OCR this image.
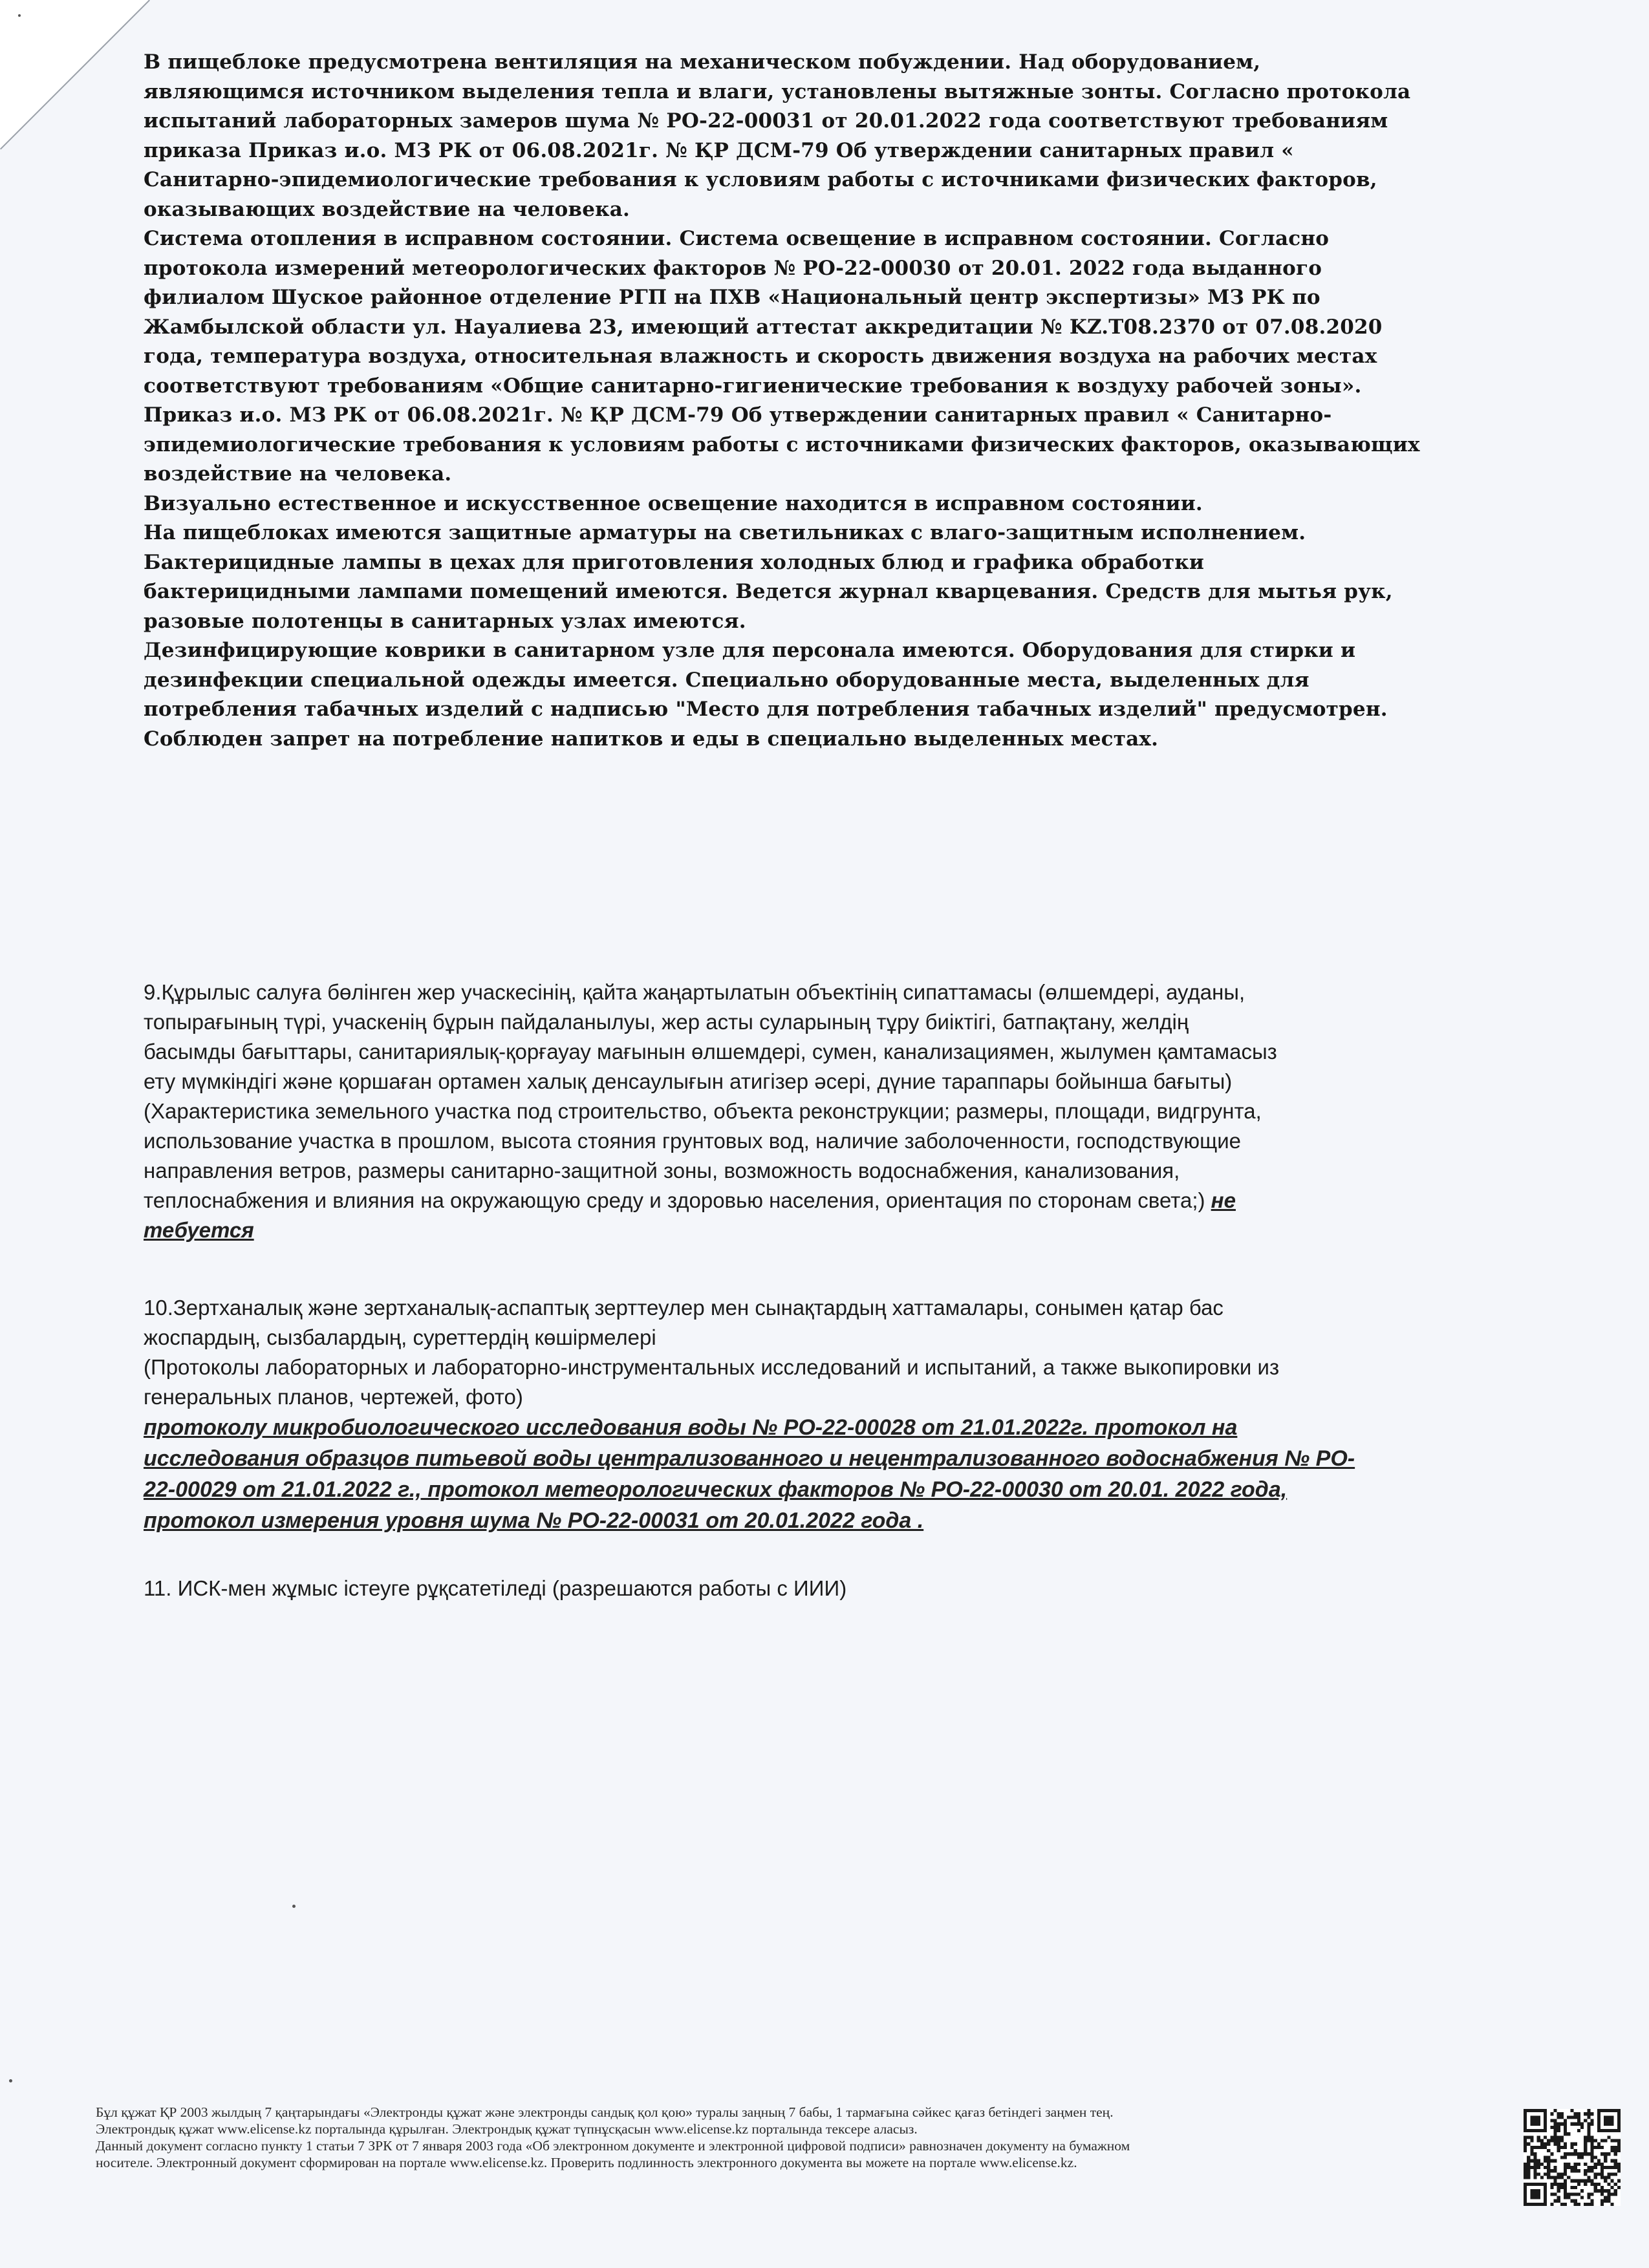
В пищеблоке предусмотрена вентиляция на механическом побуждении. Над оборудованием,

являющимся источником выделения тепла и влаги, установлены вытяжные зонты. Согласно протокола

испытаний лабораторных замеров шума № РО-22-00031 от 20.01.2022 года соответствуют требованиям

приказа Приказ и.о. МЗ РК от 06.08.2021г. № ҚР ДСМ-79 Об утверждении санитарных правил «

Санитарно-эпидемиологические требования к условиям работы с источниками физических факторов,

оказывающих воздействие на человека.

Система отопления в исправном состоянии. Система освещение в исправном состоянии. Согласно

протокола измерений метеорологических факторов № РО-22-00030 от 20.01. 2022 года выданного

филиалом Шуское районное отделение РГП на ПХВ «Национальный центр экспертизы» МЗ РК по

Жамбылской области ул. Науалиева 23, имеющий аттестат аккредитации № KZ.T08.2370 от 07.08.2020

года, температура воздуха, относительная влажность и скорость движения воздуха на рабочих местах

соответствуют требованиям «Общие санитарно-гигиенические требования к воздуху рабочей зоны».

Приказ и.о. МЗ РК от 06.08.2021г. № ҚР ДСМ-79 Об утверждении санитарных правил « Санитарно-

эпидемиологические требования к условиям работы с источниками физических факторов, оказывающих

воздействие на человека.

Визуально естественное и искусственное освещение находится в исправном состоянии.

На пищеблоках имеются защитные арматуры на светильниках с влаго-защитным исполнением.

Бактерицидные лампы в цехах для приготовления холодных блюд и графика обработки

бактерицидными лампами помещений имеются. Ведется журнал кварцевания. Средств для мытья рук,

разовые полотенцы в санитарных узлах имеются.

Дезинфицирующие коврики в санитарном узле для персонала имеются. Оборудования для стирки и

дезинфекции специальной одежды имеется. Специально оборудованные места, выделенных для

потребления табачных изделий с надписью "Место для потребления табачных изделий" предусмотрен.

Соблюден запрет на потребление напитков и еды в специально выделенных местах.

9.Құрылыс салуға бөлінген жер учаскесінің, қайта жаңартылатын объектінің сипаттамасы (өлшемдері, ауданы,

топырағының түрі, учаскенің бұрын пайдаланылуы, жер асты суларының тұру биіктігі, батпақтану, желдің

басымды бағыттары, санитариялық-қорғауау мағынын өлшемдері, сумен, канализациямен, жылумен қамтамасыз

ету мүмкіндігі және қоршаған ортамен халық денсаулығын атигізер әсері, дүние тараппары бойынша бағыты)

(Характеристика земельного участка под строительство, объекта реконструкции; размеры, площади, видгрунта,

использование участка в прошлом, высота стояния грунтовых вод, наличие заболоченности, господствующие

направления ветров, размеры санитарно-защитной зоны, возможность водоснабжения, канализования,

теплоснабжения и влияния на окружающую среду и здоровью населения, ориентация по сторонам света;) не

тебуется

10.Зертханалық және зертханалық-аспаптық зерттеулер мен сынақтардың хаттамалары, сонымен қатар бас

жоспардың, сызбалардың, суреттердің көшірмелері

(Протоколы лабораторных и лабораторно-инструментальных исследований и испытаний, а также выкопировки из

генеральных планов, чертежей, фото)

протоколу микробиологического исследования воды № РО-22-00028 от 21.01.2022г. протокол на

исследования образцов питьевой воды централизованного и нецентрализованного водоснабжения № РО-

22-00029 от 21.01.2022 г., протокол метеорологических факторов № РО-22-00030 от 20.01. 2022 года,

протокол измерения уровня шума № РО-22-00031 от 20.01.2022 года .

11. ИСК-мен жұмыс істеуге рұқсатетіледі (разрешаются работы с ИИИ)

Бұл құжат ҚР 2003 жылдың 7 қаңтарындағы «Электронды құжат және электронды сандық қол қою» туралы заңның 7 бабы, 1 тармағына сәйкес қағаз бетіндегі заңмен тең.

Электрондық құжат www.elicense.kz порталында құрылған. Электрондық құжат түпнұсқасын www.elicense.kz порталында тексере аласыз.

Данный документ согласно пункту 1 статьи 7 ЗРК от 7 января 2003 года «Об электронном документе и электронной цифровой подписи» равнозначен документу на бумажном

носителе. Электронный документ сформирован на портале www.elicense.kz. Проверить подлинность электронного документа вы можете на портале www.elicense.kz.
